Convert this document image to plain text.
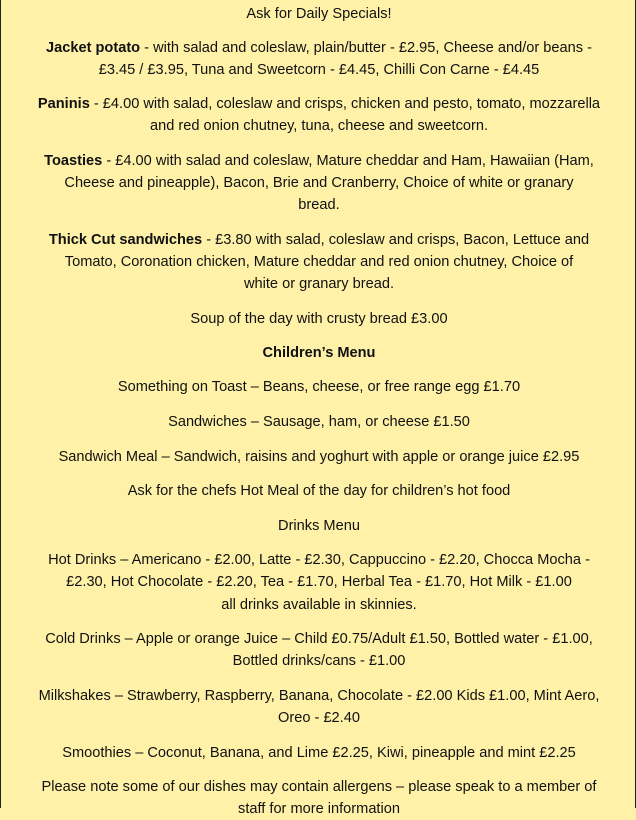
Ask for Daily Specials!
Jacket potato - with salad and coleslaw, plain/butter - £2.95, Cheese and/or beans -
£3.45 / £3.95, Tuna and Sweetcorn - £4.45, Chilli Con Carne - £4.45
Paninis - £4.00 with salad, coleslaw and crisps, chicken and pesto, tomato, mozzarella
and red onion chutney, tuna, cheese and sweetcorn.
Toasties - £4.00 with salad and coleslaw, Mature cheddar and Ham, Hawaiian (Ham,
Cheese and pineapple), Bacon, Brie and Cranberry, Choice of white or granary
bread.
Thick Cut sandwiches - £3.80 with salad, coleslaw and crisps, Bacon, Lettuce and
Tomato, Coronation chicken, Mature cheddar and red onion chutney, Choice of
white or granary bread.
Soup of the day with crusty bread £3.00
Children’s Menu
Something on Toast – Beans, cheese, or free range egg £1.70
Sandwiches – Sausage, ham, or cheese £1.50
Sandwich Meal – Sandwich, raisins and yoghurt with apple or orange juice £2.95
Ask for the chefs Hot Meal of the day for children’s hot food
Drinks Menu
Hot Drinks – Americano - £2.00, Latte - £2.30, Cappuccino - £2.20, Chocca Mocha -
£2.30, Hot Chocolate - £2.20, Tea - £1.70, Herbal Tea - £1.70, Hot Milk - £1.00
all drinks available in skinnies.
Cold Drinks – Apple or orange Juice – Child £0.75/Adult £1.50, Bottled water - £1.00,
Bottled drinks/cans - £1.00
Milkshakes – Strawberry, Raspberry, Banana, Chocolate - £2.00 Kids £1.00, Mint Aero,
Oreo - £2.40
Smoothies – Coconut, Banana, and Lime £2.25, Kiwi, pineapple and mint £2.25
Please note some of our dishes may contain allergens – please speak to a member of
staff for more information
